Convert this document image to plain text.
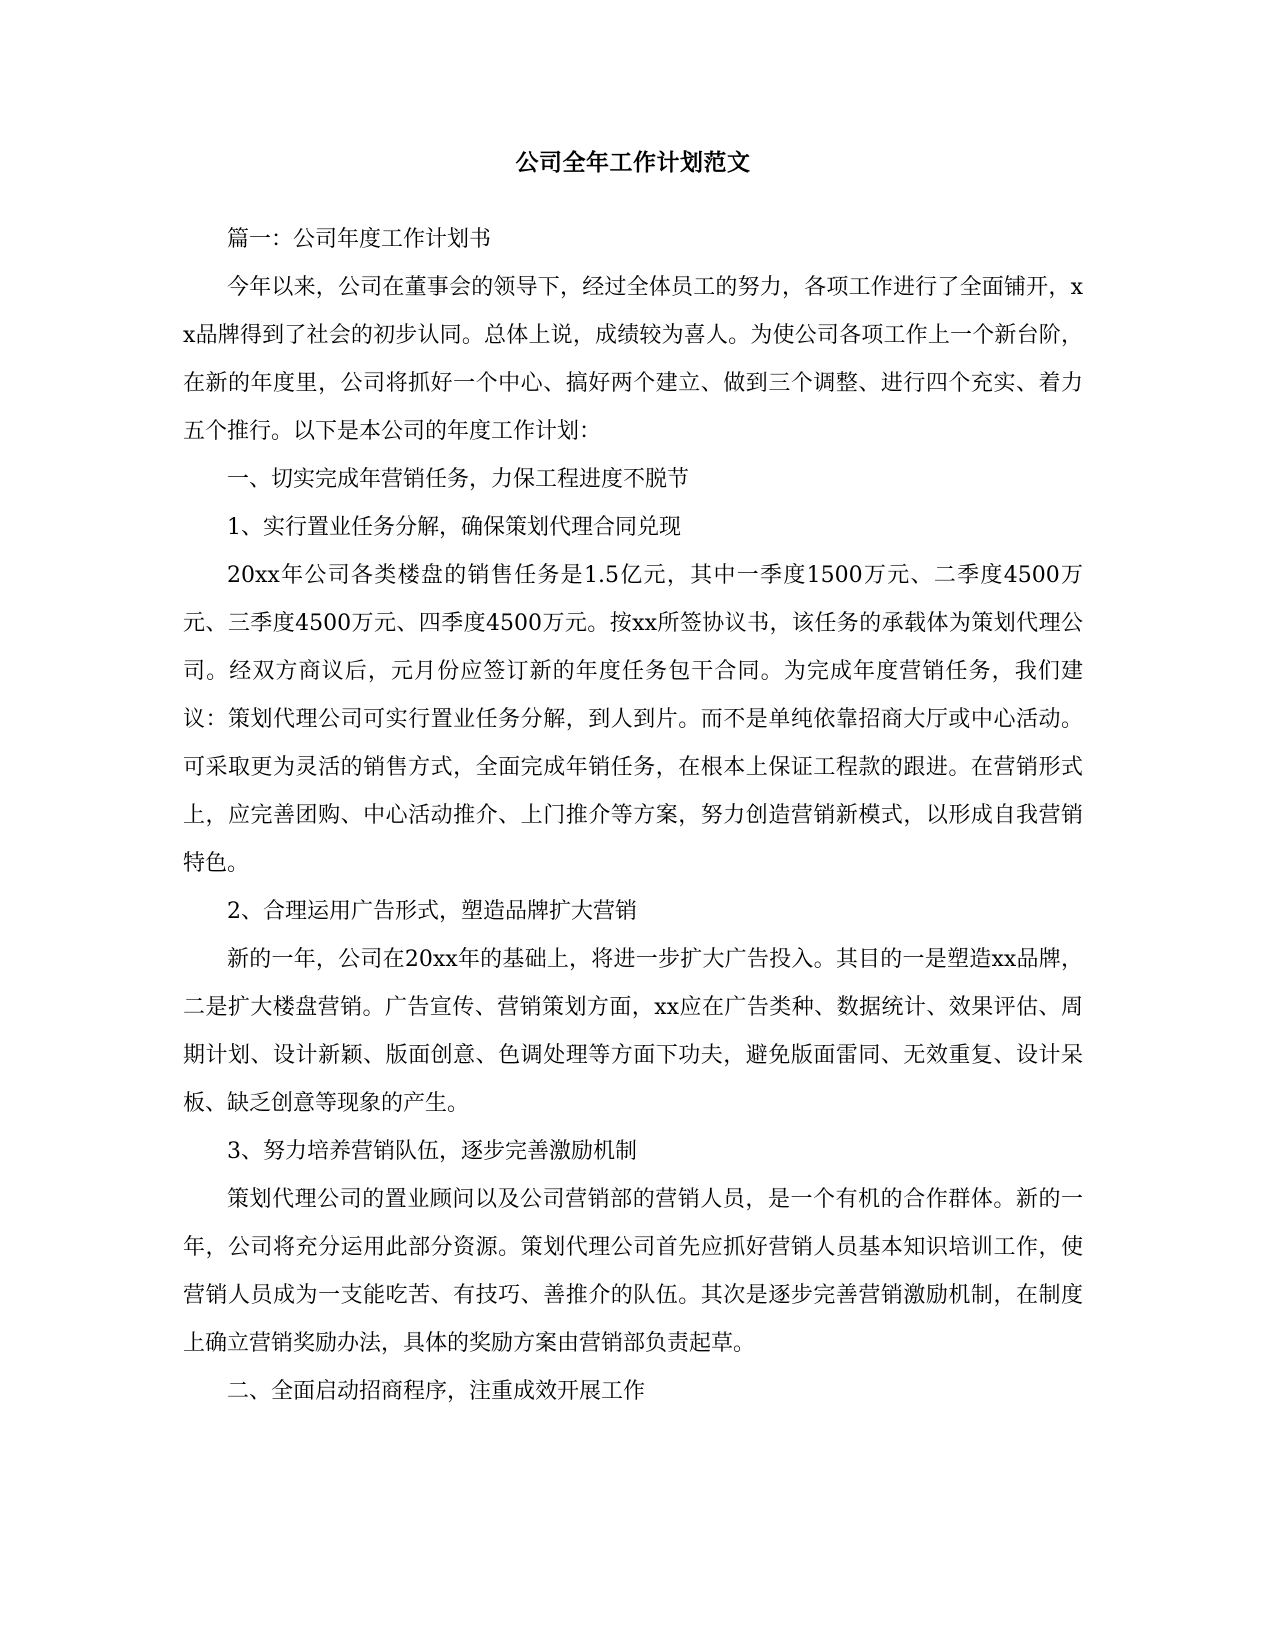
公司全年工作计划范文

篇一：公司年度工作计划书

今年以来，公司在董事会的领导下，经过全体员工的努力，各项工作进行了全面铺开，xx品牌得到了社会的初步认同。总体上说，成绩较为喜人。为使公司各项工作上一个新台阶，在新的年度里，公司将抓好一个中心、搞好两个建立、做到三个调整、进行四个充实、着力五个推行。以下是本公司的年度工作计划：

一、切实完成年营销任务，力保工程进度不脱节

1、实行置业任务分解，确保策划代理合同兑现

20xx年公司各类楼盘的销售任务是1.5亿元，其中一季度1500万元、二季度4500万元、三季度4500万元、四季度4500万元。按xx所签协议书，该任务的承载体为策划代理公司。经双方商议后，元月份应签订新的年度任务包干合同。为完成年度营销任务，我们建议：策划代理公司可实行置业任务分解，到人到片。而不是单纯依靠招商大厅或中心活动。可采取更为灵活的销售方式，全面完成年销任务，在根本上保证工程款的跟进。在营销形式上，应完善团购、中心活动推介、上门推介等方案，努力创造营销新模式，以形成自我营销特色。

2、合理运用广告形式，塑造品牌扩大营销

新的一年，公司在20xx年的基础上，将进一步扩大广告投入。其目的一是塑造xx品牌，二是扩大楼盘营销。广告宣传、营销策划方面，xx应在广告类种、数据统计、效果评估、周期计划、设计新颖、版面创意、色调处理等方面下功夫，避免版面雷同、无效重复、设计呆板、缺乏创意等现象的产生。

3、努力培养营销队伍，逐步完善激励机制

策划代理公司的置业顾问以及公司营销部的营销人员，是一个有机的合作群体。新的一年，公司将充分运用此部分资源。策划代理公司首先应抓好营销人员基本知识培训工作，使营销人员成为一支能吃苦、有技巧、善推介的队伍。其次是逐步完善营销激励机制，在制度上确立营销奖励办法，具体的奖励方案由营销部负责起草。

二、全面启动招商程序，注重成效开展工作
